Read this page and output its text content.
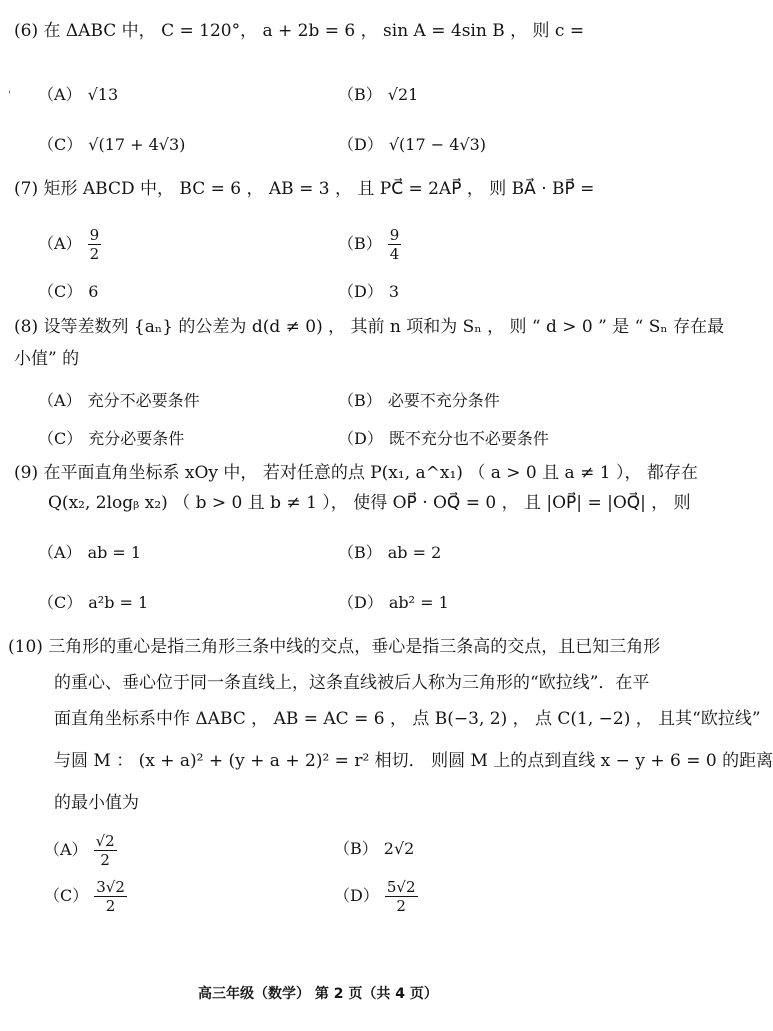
(6) 在 ΔABC 中， C = 120°， a + 2b = 6 ， sin A = 4sin B ， 则 c =
（A） √13	（B） √21
（C） √(17 + 4√3)	（D） √(17 − 4√3)
'
(7) 矩形 ABCD 中， BC = 6 ， AB = 3 ， 且 PC⃗ = 2AP⃗ ， 则 BA⃗ · BP⃗ =
$(A) \frac{9}{2}$	$(B) \frac{9}{4}$
（C） 6	（D） 3
(8) 设等差数列 {aₙ} 的公差为 d(d ≠ 0) ， 其前 n 项和为 Sₙ ， 则 “ d > 0 ” 是 “ Sₙ 存在最
小值” 的
（A） 充分不必要条件	（B） 必要不充分条件
（C） 充分必要条件	（D） 既不充分也不必要条件
(9) 在平面直角坐标系 xOy 中， 若对任意的点 P(x₁, a^x₁) （ a > 0 且 a ≠ 1 ）， 都存在
Q(x₂, 2logᵦ x₂) （ b > 0 且 b ≠ 1 ）， 使得 OP⃗ · OQ⃗ = 0 ， 且 |OP⃗| = |OQ⃗| ， 则
（A） ab = 1	（B） ab = 2
（C） a²b = 1	（D） ab² = 1
(10) 三角形的重心是指三角形三条中线的交点，垂心是指三条高的交点，且已知三角形
的重心、垂心位于同一条直线上，这条直线被后人称为三角形的“欧拉线”．在平
面直角坐标系中作 ΔABC ， AB = AC = 6 ， 点 B(−3, 2) ， 点 C(1, −2) ， 且其“欧拉线”
与圆 M ： (x + a)² + (y + a + 2)² = r² 相切． 则圆 M 上的点到直线 x − y + 6 = 0 的距离
的最小值为
$(A) \frac{√2}{2}$	（B） 2√2
$(C) \frac{3√2}{2}$	$(D) \frac{5√2}{2}$
高三年级（数学） 第 2 页（共 4 页）
